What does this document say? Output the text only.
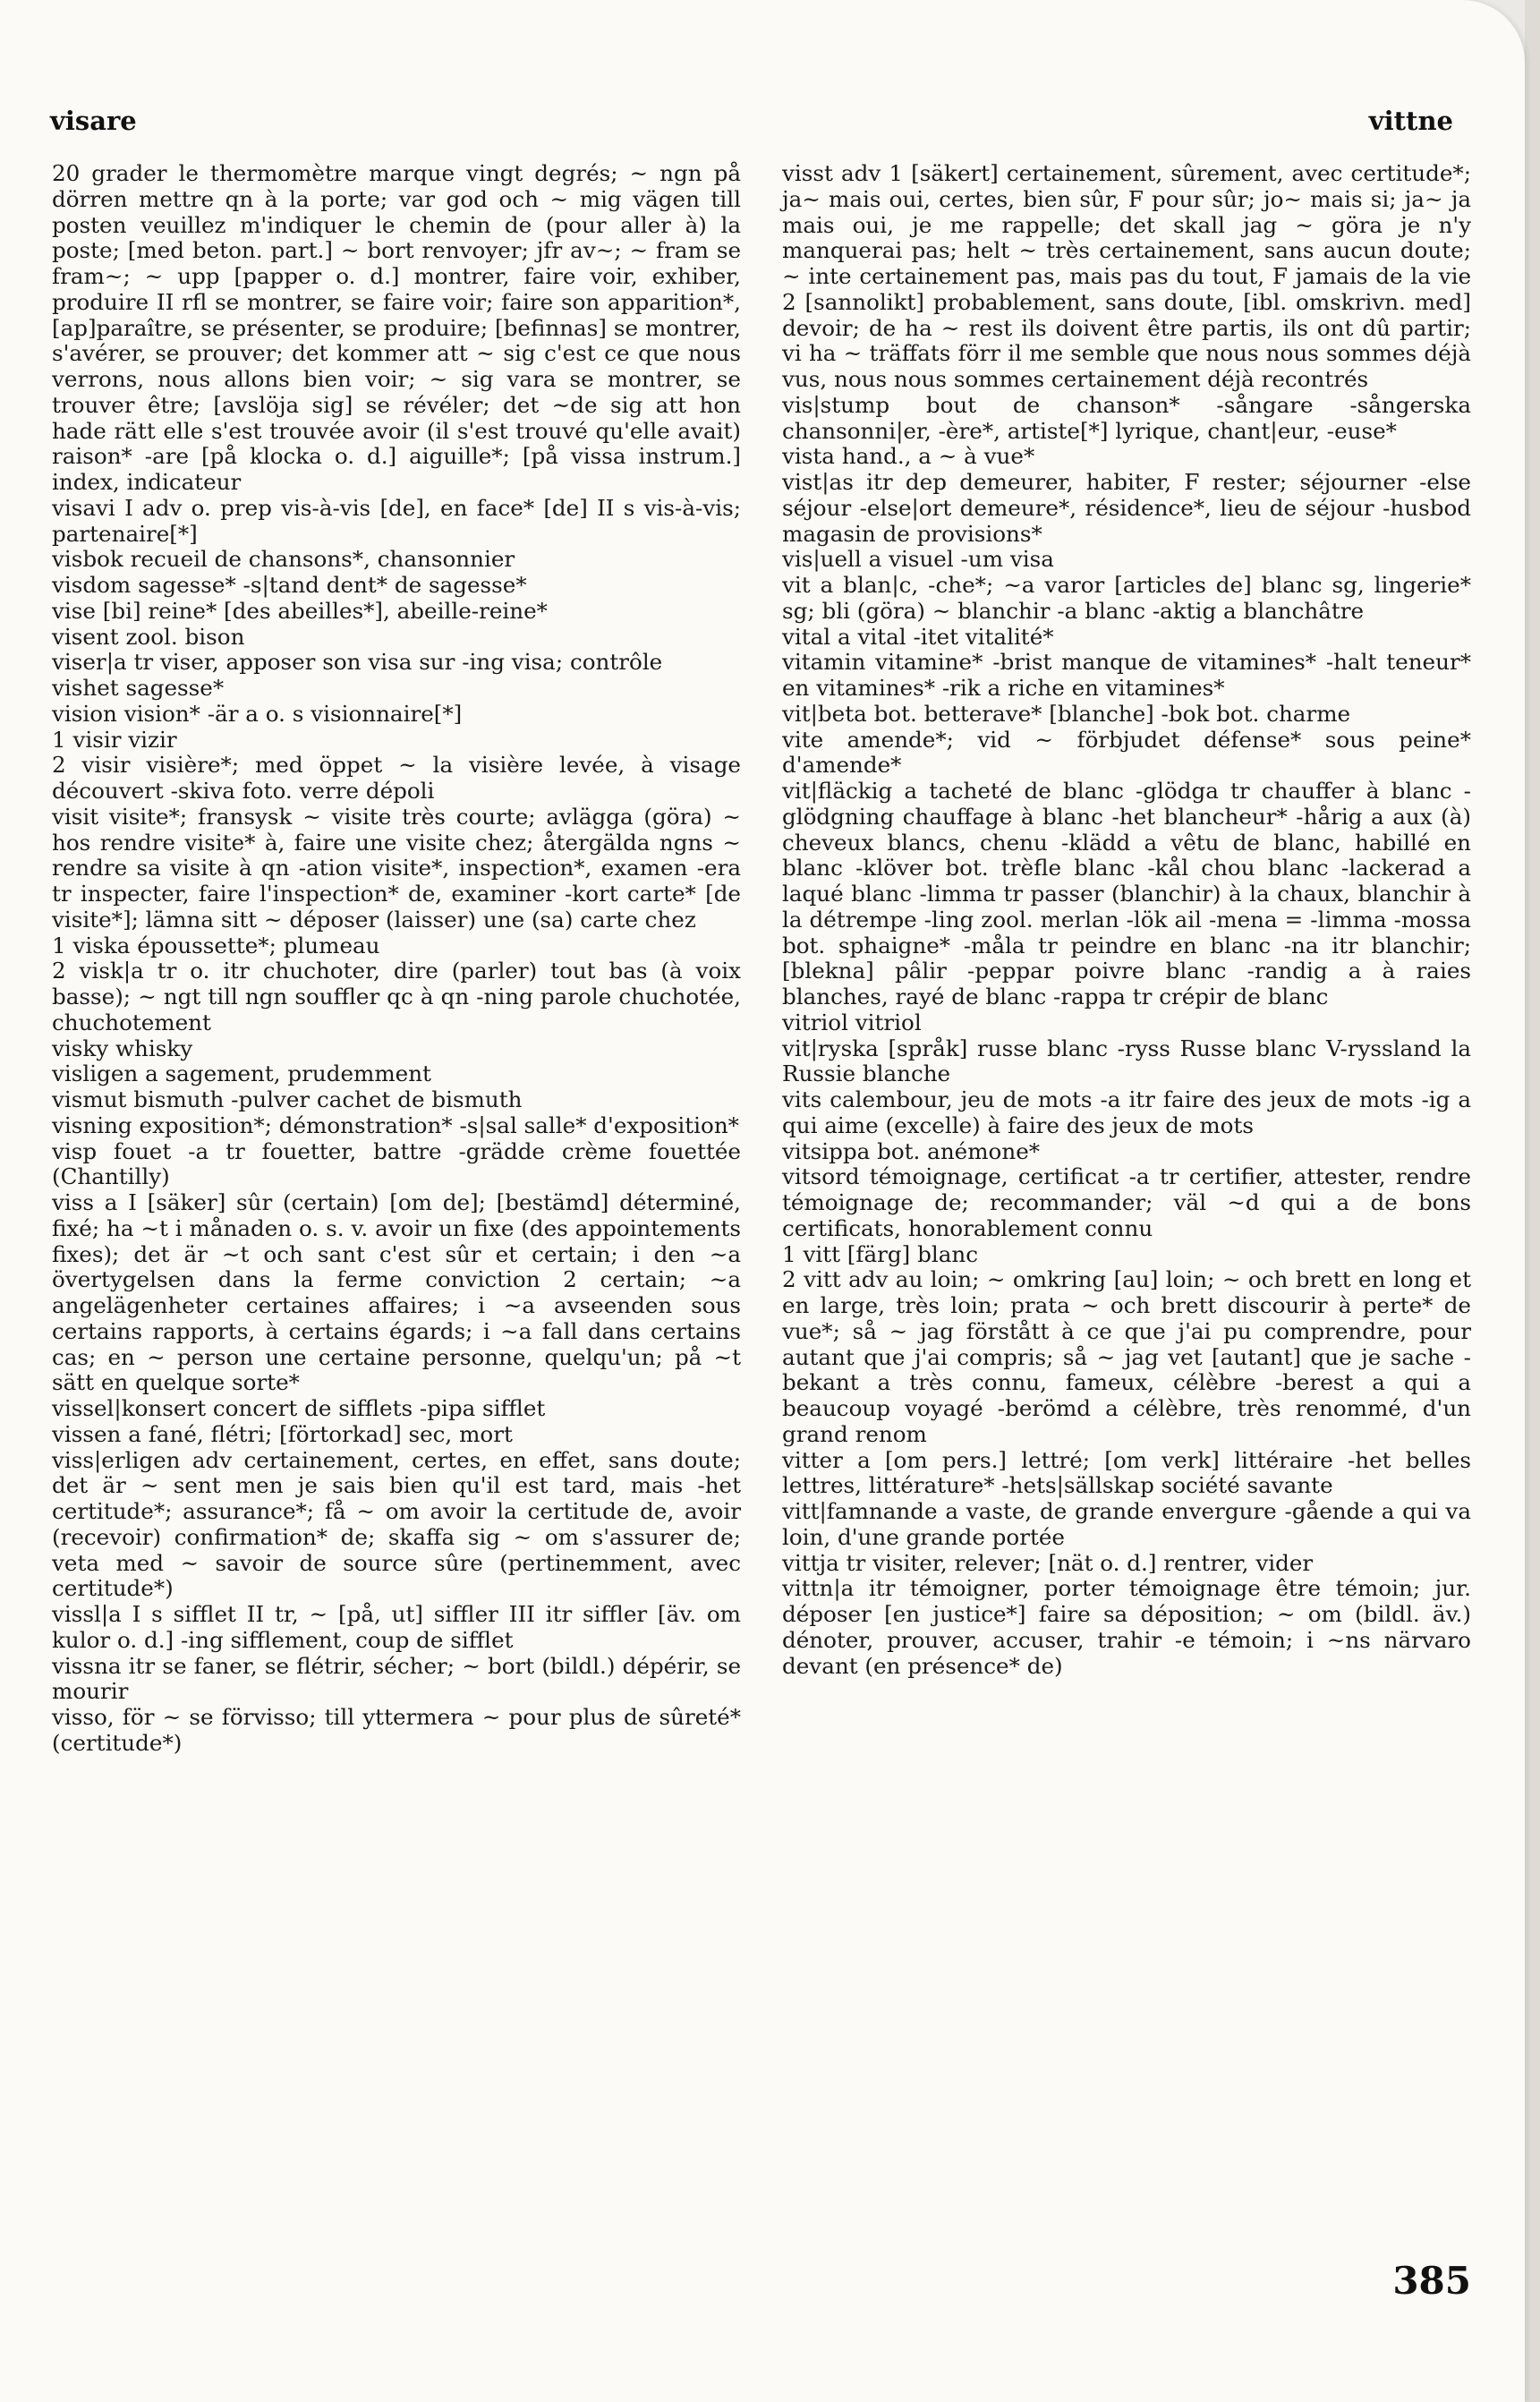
visare	vittne

20 grader le thermomètre marque vingt degrés; ~ ngn på dörren mettre qn à la porte; var god och ~ mig vägen till posten veuillez m'indiquer le chemin de (pour aller à) la poste; [med beton. part.] ~ bort renvoyer; jfr av~; ~ fram se fram~; ~ upp [papper o. d.] montrer, faire voir, exhiber, produire II rfl se montrer, se faire voir; faire son apparition*, [ap]paraître, se présenter, se produire; [befinnas] se montrer, s'avérer, se prouver; det kommer att ~ sig c'est ce que nous verrons, nous allons bien voir; ~ sig vara se montrer, se trouver être; [avslöja sig] se révéler; det ~de sig att hon hade rätt elle s'est trouvée avoir (il s'est trouvé qu'elle avait) raison* -are [på klocka o. d.] aiguille*; [på vissa instrum.] index, indicateur

visavi I adv o. prep vis-à-vis [de], en face* [de] II s vis-à-vis; partenaire[*]

visbok recueil de chansons*, chansonnier

visdom sagesse* -s|tand dent* de sagesse*

vise [bi] reine* [des abeilles*], abeille-reine*

visent zool. bison

viser|a tr viser, apposer son visa sur -ing visa; contrôle

vishet sagesse*

vision vision* -är a o. s visionnaire[*]

1 visir vizir

2 visir visière*; med öppet ~ la visière levée, à visage découvert -skiva foto. verre dépoli

visit visite*; fransysk ~ visite très courte; avlägga (göra) ~ hos rendre visite* à, faire une visite chez; återgälda ngns ~ rendre sa visite à qn -ation visite*, inspection*, examen -era tr inspecter, faire l'inspection* de, examiner -kort carte* [de visite*]; lämna sitt ~ déposer (laisser) une (sa) carte chez

1 viska époussette*; plumeau

2 visk|a tr o. itr chuchoter, dire (parler) tout bas (à voix basse); ~ ngt till ngn souffler qc à qn -ning parole chuchotée, chuchotement

visky whisky

visligen a sagement, prudemment

vismut bismuth -pulver cachet de bismuth

visning exposition*; démonstration* -s|sal salle* d'exposition*

visp fouet -a tr fouetter, battre -grädde crème fouettée (Chantilly)

viss a I [säker] sûr (certain) [om de]; [bestämd] déterminé, fixé; ha ~t i månaden o. s. v. avoir un fixe (des appointements fixes); det är ~t och sant c'est sûr et certain; i den ~a övertygelsen dans la ferme conviction 2 certain; ~a angelägenheter certaines affaires; i ~a avseenden sous certains rapports, à certains égards; i ~a fall dans certains cas; en ~ person une certaine personne, quelqu'un; på ~t sätt en quelque sorte*

vissel|konsert concert de sifflets -pipa sifflet

vissen a fané, flétri; [förtorkad] sec, mort

viss|erligen adv certainement, certes, en effet, sans doute; det är ~ sent men je sais bien qu'il est tard, mais -het certitude*; assurance*; få ~ om avoir la certitude de, avoir (recevoir) confirmation* de; skaffa sig ~ om s'assurer de; veta med ~ savoir de source sûre (pertinemment, avec certitude*)

vissl|a I s sifflet II tr, ~ [på, ut] siffler III itr siffler [äv. om kulor o. d.] -ing sifflement, coup de sifflet

vissna itr se faner, se flétrir, sécher; ~ bort (bildl.) dépérir, se mourir

visso, för ~ se förvisso; till yttermera ~ pour plus de sûreté* (certitude*)

visst adv 1 [säkert] certainement, sûrement, avec certitude*; ja~ mais oui, certes, bien sûr, F pour sûr; jo~ mais si; ja~ ja mais oui, je me rappelle; det skall jag ~ göra je n'y manquerai pas; helt ~ très certainement, sans aucun doute; ~ inte certainement pas, mais pas du tout, F jamais de la vie 2 [sannolikt] probablement, sans doute, [ibl. omskrivn. med] devoir; de ha ~ rest ils doivent être partis, ils ont dû partir; vi ha ~ träffats förr il me semble que nous nous sommes déjà vus, nous nous sommes certainement déjà recontrés

vis|stump bout de chanson* -sångare -sångerska chansonni|er, -ère*, artiste[*] lyrique, chant|eur, -euse*

vista hand., a ~ à vue*

vist|as itr dep demeurer, habiter, F rester; séjourner -else séjour -else|ort demeure*, résidence*, lieu de séjour -husbod magasin de provisions*

vis|uell a visuel -um visa

vit a blan|c, -che*; ~a varor [articles de] blanc sg, lingerie* sg; bli (göra) ~ blanchir -a blanc -aktig a blanchâtre

vital a vital -itet vitalité*

vitamin vitamine* -brist manque de vitamines* -halt teneur* en vitamines* -rik a riche en vitamines*

vit|beta bot. betterave* [blanche] -bok bot. charme

vite amende*; vid ~ förbjudet défense* sous peine* d'amende*

vit|fläckig a tacheté de blanc -glödga tr chauffer à blanc -glödgning chauffage à blanc -het blancheur* -hårig a aux (à) cheveux blancs, chenu -klädd a vêtu de blanc, habillé en blanc -klöver bot. trèfle blanc -kål chou blanc -lackerad a laqué blanc -limma tr passer (blanchir) à la chaux, blanchir à la détrempe -ling zool. merlan -lök ail -mena = -limma -mossa bot. sphaigne* -måla tr peindre en blanc -na itr blanchir; [blekna] pâlir -peppar poivre blanc -randig a à raies blanches, rayé de blanc -rappa tr crépir de blanc

vitriol vitriol

vit|ryska [språk] russe blanc -ryss Russe blanc V-ryssland la Russie blanche

vits calembour, jeu de mots -a itr faire des jeux de mots -ig a qui aime (excelle) à faire des jeux de mots

vitsippa bot. anémone*

vitsord témoignage, certificat -a tr certifier, attester, rendre témoignage de; recommander; väl ~d qui a de bons certificats, honorablement connu

1 vitt [färg] blanc

2 vitt adv au loin; ~ omkring [au] loin; ~ och brett en long et en large, très loin; prata ~ och brett discourir à perte* de vue*; så ~ jag förstått à ce que j'ai pu comprendre, pour autant que j'ai compris; så ~ jag vet [autant] que je sache -bekant a très connu, fameux, célèbre -berest a qui a beaucoup voyagé -berömd a célèbre, très renommé, d'un grand renom

vitter a [om pers.] lettré; [om verk] littéraire -het belles lettres, littérature* -hets|sällskap société savante

vitt|famnande a vaste, de grande envergure -gående a qui va loin, d'une grande portée

vittja tr visiter, relever; [nät o. d.] rentrer, vider

vittn|a itr témoigner, porter témoignage être témoin; jur. déposer [en justice*] faire sa déposition; ~ om (bildl. äv.) dénoter, prouver, accuser, trahir -e témoin; i ~ns närvaro devant (en présence* de)

385
